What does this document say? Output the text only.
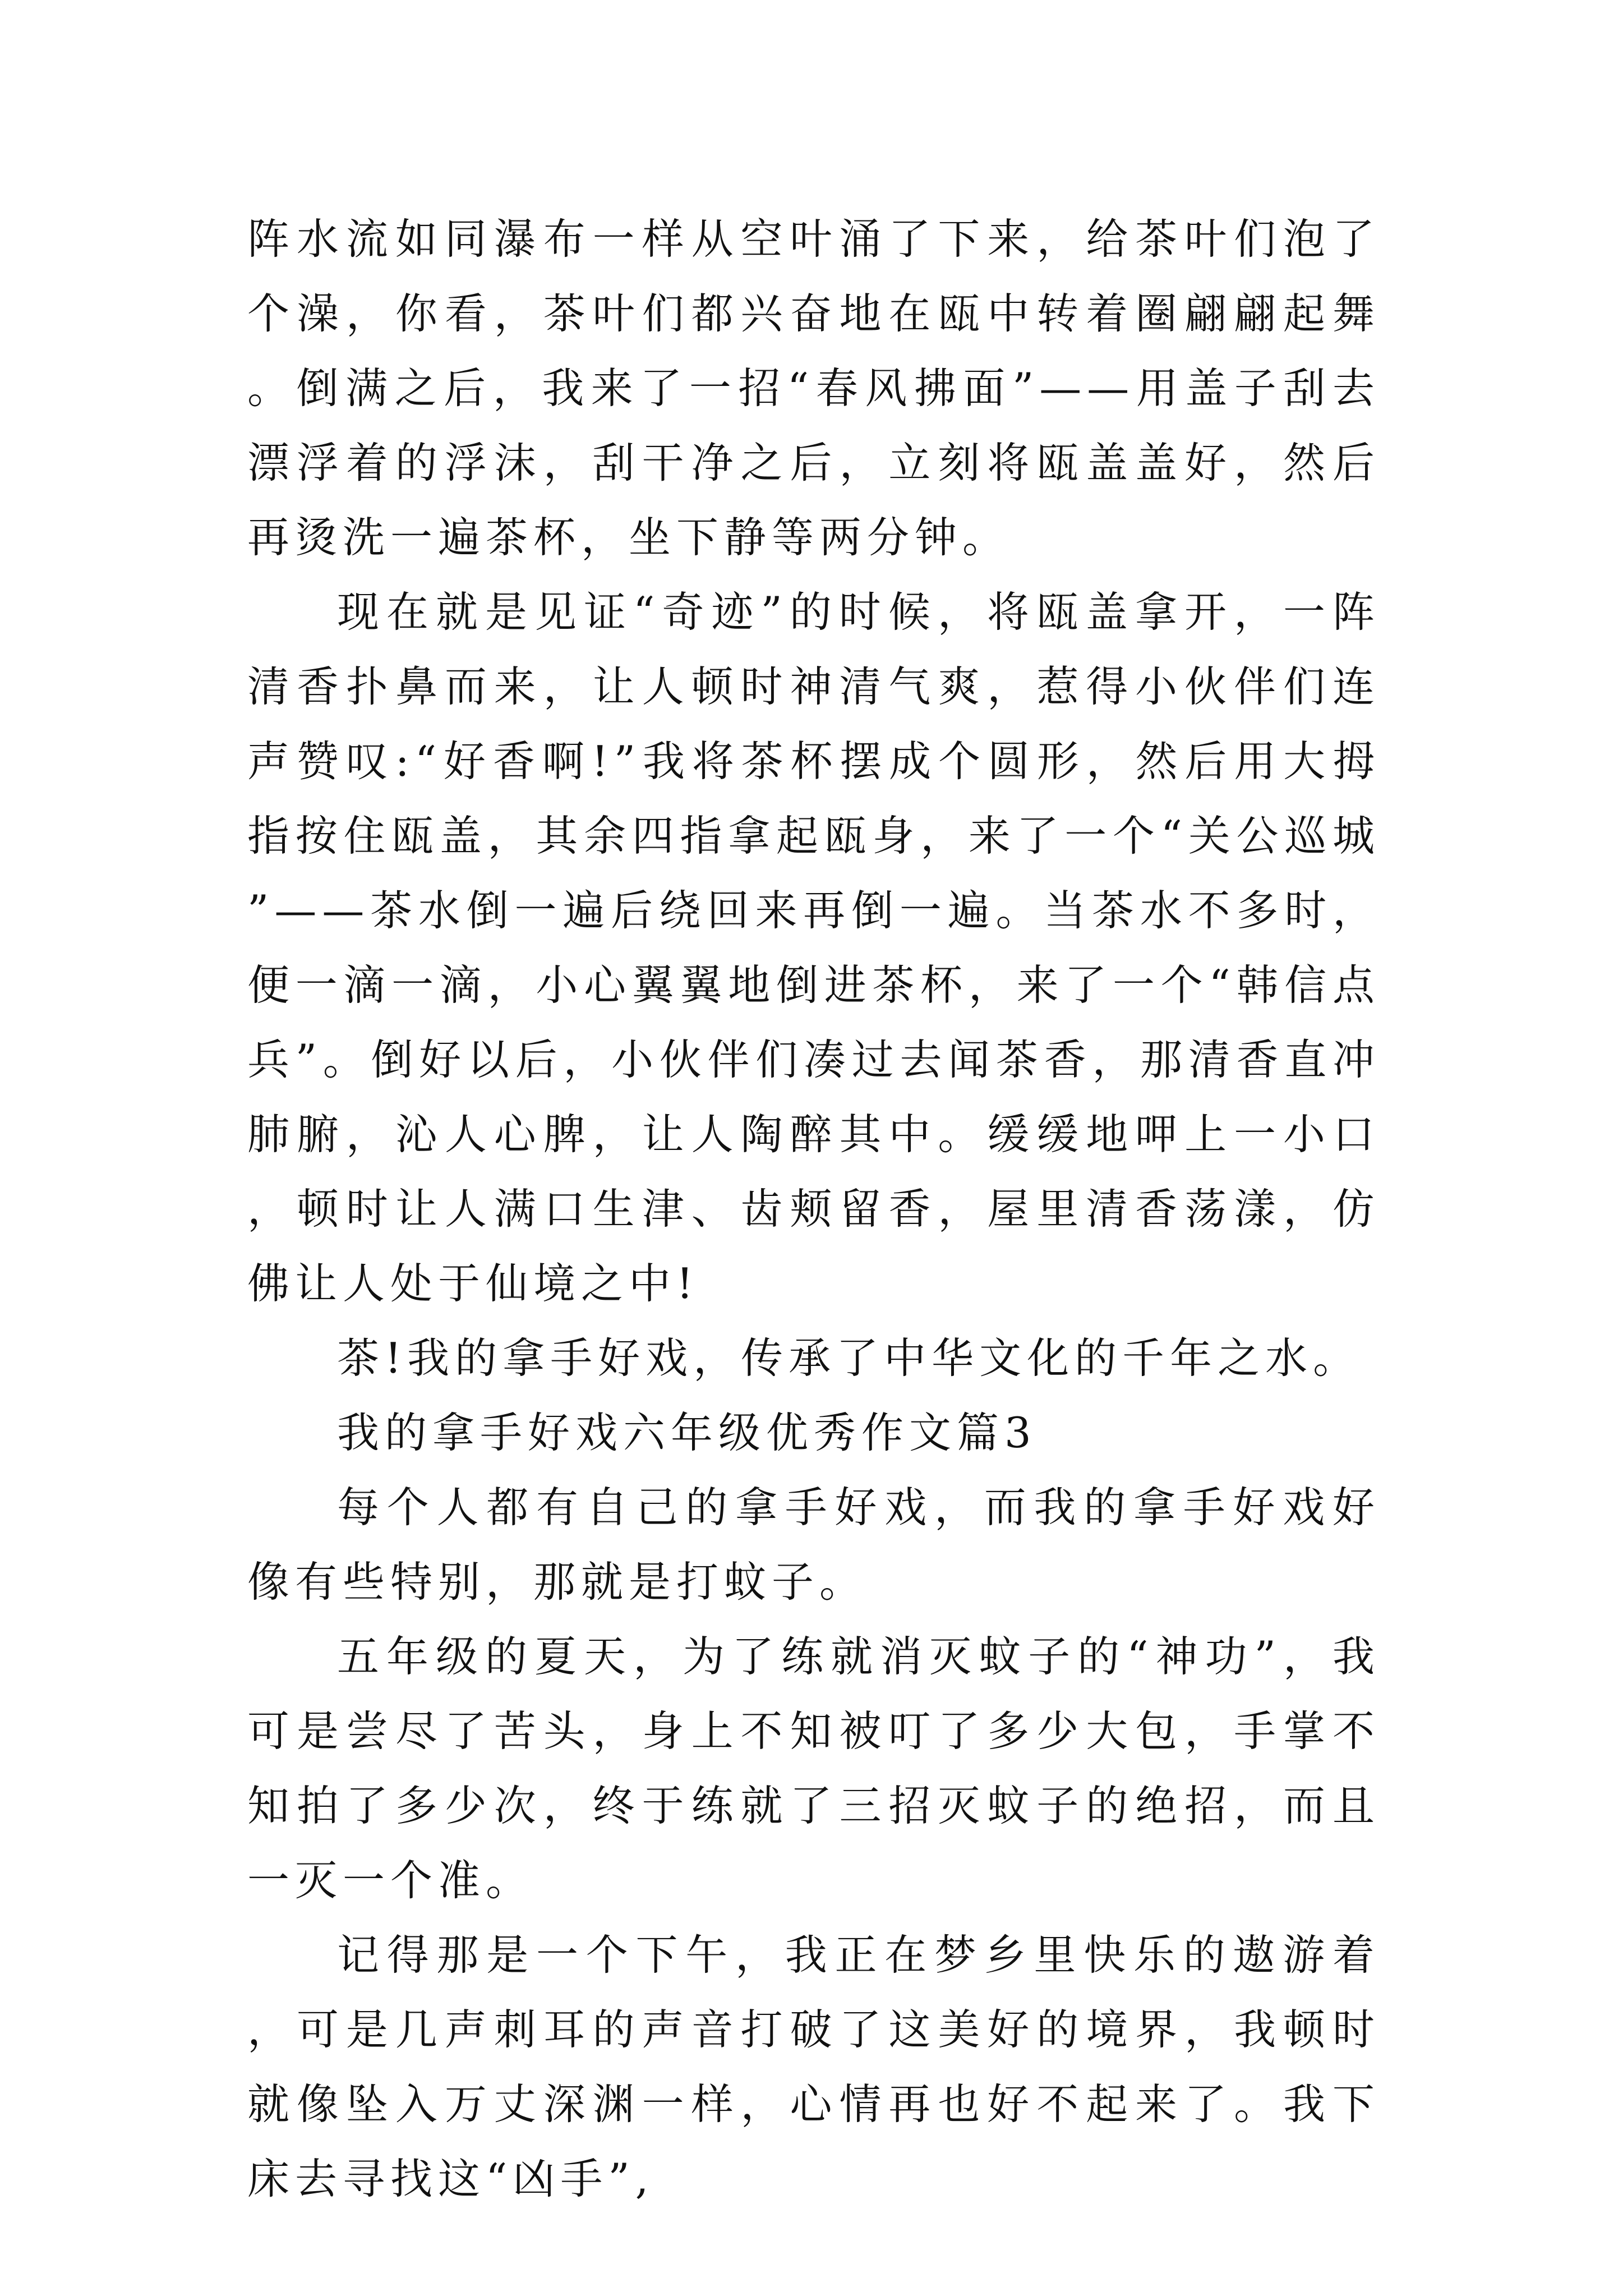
阵水流如同瀑布一样从空叶涌了下来，给茶叶们泡了个澡，你看，茶叶们都兴奋地在瓯中转着圈翩翩起舞。倒满之后，我来了一招“春风拂面”——用盖子刮去漂浮着的浮沫，刮干净之后，立刻将瓯盖盖好，然后再烫洗一遍茶杯，坐下静等两分钟。

现在就是见证“奇迹”的时候，将瓯盖拿开，一阵清香扑鼻而来，让人顿时神清气爽，惹得小伙伴们连声赞叹:“好香啊!”我将茶杯摆成个圆形，然后用大拇指按住瓯盖，其余四指拿起瓯身，来了一个“关公巡城”——茶水倒一遍后绕回来再倒一遍。当茶水不多时，便一滴一滴，小心翼翼地倒进茶杯，来了一个“韩信点兵”。倒好以后，小伙伴们凑过去闻茶香，那清香直冲肺腑，沁人心脾，让人陶醉其中。缓缓地呷上一小口，顿时让人满口生津、齿颊留香，屋里清香荡漾，仿佛让人处于仙境之中!

茶!我的拿手好戏，传承了中华文化的千年之水。

我的拿手好戏六年级优秀作文篇3

每个人都有自己的拿手好戏，而我的拿手好戏好像有些特别，那就是打蚊子。

五年级的夏天，为了练就消灭蚊子的“神功”，我可是尝尽了苦头，身上不知被叮了多少大包，手掌不知拍了多少次，终于练就了三招灭蚊子的绝招，而且一灭一个准。

记得那是一个下午，我正在梦乡里快乐的遨游着，可是几声刺耳的声音打破了这美好的境界，我顿时就像坠入万丈深渊一样，心情再也好不起来了。我下床去寻找这“凶手”,
